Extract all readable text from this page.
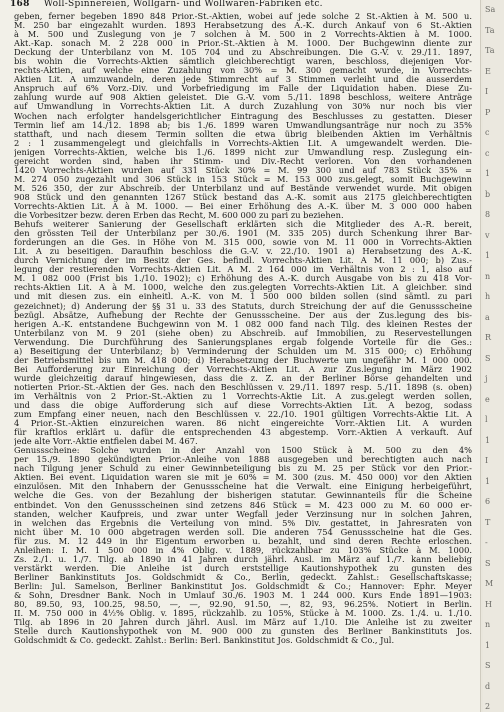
168 Woll-Spinnereien, Wollgarn- und Wollwaren-Fabriken etc.
geben, ferner begeben 1890 848 Prior.-St.-Aktien, wobei auf jede solche 2 St.-Aktien à M. 500 u.
M. 250 bar eingezahlt wurden. 1893 Herabsetzung des A.-K. durch Ankauf von 6 St.-Aktien
à M. 500 und Zuslegung von je 7 solchen à M. 500 in 2 Vorrechts-Aktien à M. 1000.
Akt.-Kap. sonach M. 2 228 000 in Prior.-St.-Aktien à M. 1000. Der Buchgewinn diente zur
Deckung der Unterbilanz von M. 105 704 und zu Abschreibungen. Die G.-V. v. 29./11. 1897,
bis wohin die Vorrechts-Aktien sämtlich gleichberechtigt waren, beschloss, diejenigen Vor-
rechts-Aktien, auf welche eine Zuzahlung von 30% = M. 300 gemacht wurde, in Vorrechts-
Aktien Lit. A umzuwandeln, deren jede Stimmrecht auf 3 Stimmen verleiht und die ausserdem
Anspruch auf 6% Vorz.-Div. und Vorbefriedigung im Falle der Liquidation haben. Diese Zu-
zahlung wurde auf 908 Aktien geleistet. Die G.-V. vom 5./11. 1898 beschloss, weitere Anträge
auf Umwandlung in Vorrechts-Aktien Lit. A durch Zuzahlung von 30% nur noch bis vier
Wochen nach erfolgter handelsgerichtlicher Eintragung des Beschlusses zu gestatten. Dieser
Termin lief am 14./12. 1898 ab; bis 1./6. 1899 waren Umwandlungsanträge nur noch zu 35%
statthaft, und nach diesem Termin sollten die etwa übrig bleibenden Aktien im Verhältnis
2 : 1 zusammengelegt und gleichfalls in Vorrechts-Aktien Lit. A umgewandelt werden. Die-
jenigen Vorrechts-Aktien, welche bis 1./6. 1899 nicht zur Umwandlung resp. Zuslegung ein-
gereicht worden sind, haben ihr Stimm- und Div.-Recht verloren. Von den vorhandenen
1420 Vorrechts-Aktien wurden auf 331 Stück 30% = M. 99 300 und auf 783 Stück 35% =
M. 274 050 zugezahlt und 306 Stück in 153 Stück = M. 153 000 zus.gelegt, somit Buchgewinn
M. 526 350, der zur Abschreib. der Unterbilanz und auf Bestände verwendet wurde. Mit obigen
908 Stück und den genannten 1267 Stück bestand das A.-K. somit aus 2175 gleichberechtigten
Vorrechts-Aktien Lit. A à M. 1000. — Bei einer Erhöhung des A.-K. über M. 3 000 000 haben
die Vorbesitzer bezw. deren Erben das Recht, M. 600 000 zu pari zu beziehen.
Behufs weiterer Sanierung der Gesellschaft erklärten sich die Mitglieder des A.-R. bereit,
den grössten Teil der Unterbilanz per 30./6. 1901 (M. 335 205) durch Schenkung ihrer Bar-
forderungen an die Ges. in Höhe von M. 315 000, sowie von M. 11 000 in Vorrechts-Aktien
Lit. A zu beseitigen. Daraufhin beschloss die G.-V. v. 22./10. 1901 a) Herabsetzung des A.-K.
durch Vernichtung der im Besitz der Ges. befindl. Vorrechts-Aktien Lit. A M. 11 000; b) Zus.-
legung der restierenden Vorrechts-Aktien Lit. A M. 2 164 000 im Verhältnis von 2 : 1, also auf
M. 1 082 000 (Frist bis 1./10. 1902); c) Erhöhung des A.-K. durch Ausgabe von bis zu 418 Vor-
rechts-Aktien Lit. A à M. 1000, welche den zus.gelegten Vorrechts-Aktien Lit. A gleichber. sind
und mit diesen zus. ein einheitl. A.-K. von M. 1 500 000 bilden sollen (sind sämtl. zu pari
gezeichnet); d) Änderung der §§ 31 u. 33 des Statuts, durch Streichung der auf die Genussscheine
bezügl. Absätze, Aufhebung der Rechte der Genussscheine. Der aus der Zus.legung des bis-
herigen A.-K. entstandene Buchgewinn von M. 1 082 000 fand nach Tilg. des kleinen Restes der
Unterbilanz von M. 9 201 (siehe oben) zu Abschreib. auf Immobilien, zu Reservestellungen
Verwendung. Die Durchführung des Sanierungsplanes ergab folgende Vorteile für die Ges.:
a) Beseitigung der Unterbilanz; b) Verminderung der Schulden um M. 315 000; c) Erhöhung
der Betriebsmittel bis um M. 418 000; d) Herabsetzung der Buchwerte um ungefähr M. 1 000 000.
Bei Aufforderung zur Einreichung der Vorrechts-Aktien Lit. A zur Zus.legung im März 1902
wurde gleichzeitig darauf hingewiesen, dass die z. Z. an der Berliner Börse gehandelten und
notierten Prior.-St.-Aktien der Ges. nach den Beschlüssen v. 29./11. 1897 resp. 5./11. 1898 (s. oben)
im Verhältnis von 2 Prior.-St.-Aktien zu 1 Vorrechts-Aktie Lit. A zus.gelegt werden sollen,
und dass die obige Aufforderung sich auf diese Vorrechts-Aktien Lit. A bezog, sodass
zum Empfang einer neuen, nach den Beschlüssen v. 22./10. 1901 gültigen Vorrechts-Aktie Lit. A
4 Prior.-St.-Aktien einzureichen waren. 86 nicht eingereichte Vorr.-Aktien Lit. A wurden
für kraftlos erklärt u. dafür die entsprechenden 43 abgestemp. Vorr.-Aktien A verkauft. Auf
jede alte Vorr.-Aktie entfielen dabei M. 467.
Genussscheine: Solche wurden in der Anzahl von 1500 Stück à M. 500 zu den 4%
per 15./9. 1890 gekündigten Prior.-Anleihe von 1888 ausgegeben und berechtigten auch nach
nach Tilgung jener Schuld zu einer Gewinnbeteiligung bis zu M. 25 per Stück vor den Prior.-
Aktien. Bei event. Liquidation waren sie mit je 60% = M. 300 (zus. M. 450 000) vor den Aktien
einzulösen. Mit den Inhabern der Genussscheine hat die Verwalt. eine Einigung herbeigeführt,
welche die Ges. von der Bezahlung der bisherigen statutar. Gewinnanteils für die Scheine
entbindet. Von den Genussscheinen sind zetzens 846 Stück = M. 423 000 zu M. 60 000 er-
standen, welcher Kaufpreis, und zwar unter Wegfall jeder Verzinsung nur in solchen Jahren,
in welchen das Ergebnis die Verteilung von mind. 5% Div. gestattet, in Jahresraten von
nicht über M. 10 000 abgetragen werden soll. Die anderen 754 Genussscheine hat die Ges.
für zus. M. 12 449 in ihr Eigentum erworben u. bezahlt, und sind deren Rechte erloschen.
Anleihen: I. M. 1 500 000 in 4% Oblig. v. 1889, rückzahlbar zu 103% Stücke à M. 1000.
Zs. 2./1. u. 1./7. Tilg. ab 1890 in 41 Jahren durch jährl. Ausl. im März auf 1./7. kann beliebig
verstärkt werden. Die Anleihe ist durch erststellige Kautionshypothek zu gunsten des
Berliner Bankinstituts Jos. Goldschmidt & Co., Berlin, gedeckt. Zahlst.: Gesellschaftskasse;
Berlin: Jul. Samelson, Berliner Bankinstitut Jos. Goldschmidt & Co.; Hannover: Ephr. Meyer
& Sohn, Dresdner Bank. Noch in Umlauf 30./6. 1903 M. 1 244 000. Kurs Ende 1891—1903:
80, 89.50, 93, 100.25, 98.50, —, —, 92.90, 91.50, —, 82, 93, 96.25%. Notiert in Berlin.
II. M. 750 000 in 4½% Oblig. v. 1895, rückzahlb. zu 105%, Stücke à M. 1000. Zs. 1./4. u. 1./10.
Tilg. ab 1896 in 20 Jahren durch jährl. Ausl. im März auf 1./10. Die Anleihe ist zu zweiter
Stelle durch Kautionshypothek von M. 900 000 zu gunsten des Berliner Bankinstituts Jos.
Goldschmidt & Co. gedeckt. Zahlst.: Berlin: Berl. Bankinstitut Jos. Goldschmidt & Co., Jul.
Sa
Ta
Ta
E
I
P
c
c
1
b
8
v
1
n
h
a
R
S
j
e
l
1
I
1
6
T
-
S
M
H
n
1
S
d
2
